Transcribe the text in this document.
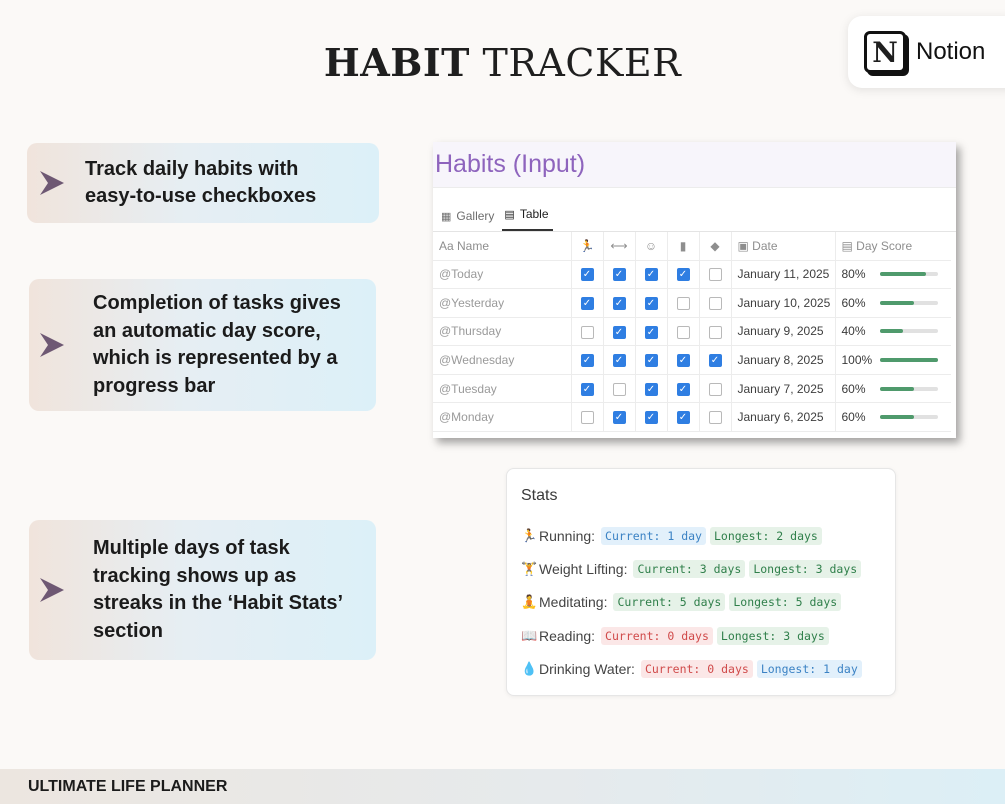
HABIT TRACKER	N Notion
Track daily habits with
easy-to-use checkboxes
Completion of tasks gives
an automatic day score,
which is represented by a
progress bar
Multiple days of task
tracking shows up as
streaks in the ‘Habit Stats’
section
Habits (Input)
▦ Gallery ▤ Table
Aa Name	🏃	⟷	☺	▮	◆	▣ Date	▤ Day Score
@Today	✓	✓	✓	✓		January 11, 2025	80%

@Yesterday	✓	✓	✓			January 10, 2025	60%

@Thursday		✓	✓			January 9, 2025	40%

@Wednesday	✓	✓	✓	✓	✓	January 8, 2025	100%

@Tuesday	✓		✓	✓		January 7, 2025	60%

@Monday		✓	✓	✓		January 6, 2025	60%
Stats
🏃 Running: Current: 1 day	Longest: 2 days
🏋 Weight Lifting: Current: 3 days	Longest: 3 days
🧘 Meditating: Current: 5 days	Longest: 5 days
📖 Reading: Current: 0 days	Longest: 3 days
💧 Drinking Water: Current: 0 days	Longest: 1 day
ULTIMATE LIFE PLANNER
